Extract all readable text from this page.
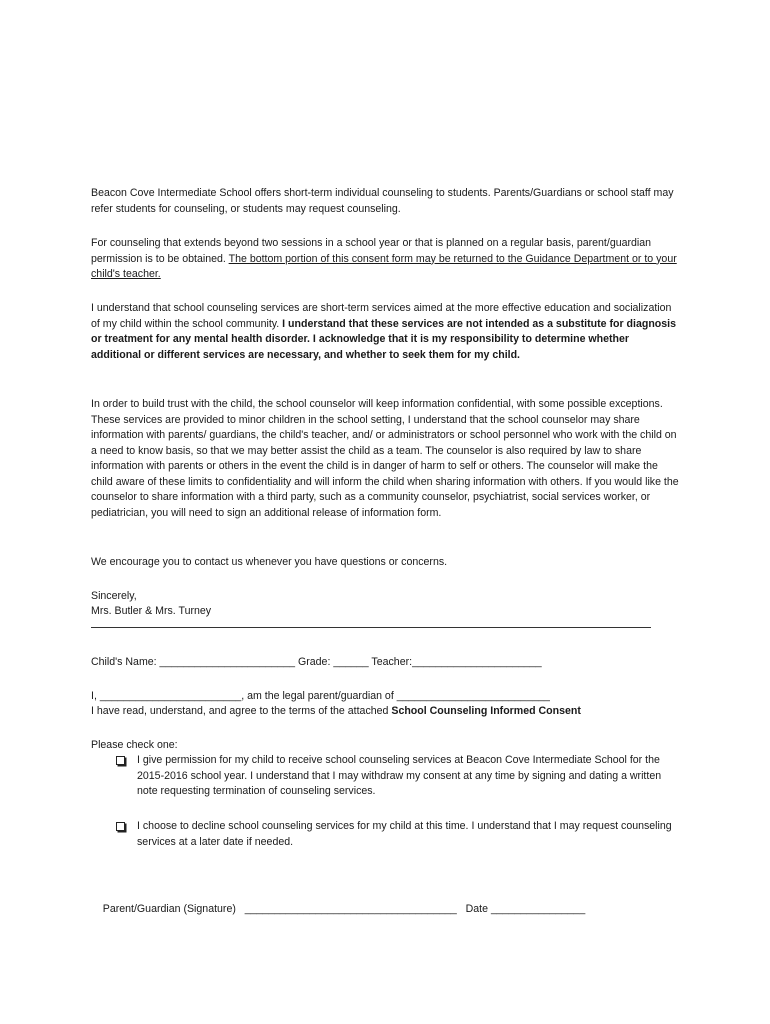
Beacon Cove Intermediate School offers short-term individual counseling to students. Parents/Guardians or school staff may refer students for counseling, or students may request counseling.

For counseling that extends beyond two sessions in a school year or that is planned on a regular basis, parent/guardian permission is to be obtained. The bottom portion of this consent form may be returned to the Guidance Department or to your child's teacher.

I understand that school counseling services are short-term services aimed at the more effective education and socialization of my child within the school community. I understand that these services are not intended as a substitute for diagnosis or treatment for any mental health disorder. I acknowledge that it is my responsibility to determine whether additional or different services are necessary, and whether to seek them for my child.

In order to build trust with the child, the school counselor will keep information confidential, with some possible exceptions. These services are provided to minor children in the school setting, I understand that the school counselor may share information with parents/ guardians, the child's teacher, and/ or administrators or school personnel who work with the child on a need to know basis, so that we may better assist the child as a team. The counselor is also required by law to share information with parents or others in the event the child is in danger of harm to self or others. The counselor will make the child aware of these limits to confidentiality and will inform the child when sharing information with others. If you would like the counselor to share information with a third party, such as a community counselor, psychiatrist, social services worker, or pediatrician, you will need to sign an additional release of information form.

We encourage you to contact us whenever you have questions or concerns.

Sincerely,

Mrs. Butler & Mrs. Turney

Child's Name: _______________________ Grade: ______ Teacher:______________________

I, ________________________, am the legal parent/guardian of __________________________

I have read, understand, and agree to the terms of the attached School Counseling Informed Consent

Please check one:

I give permission for my child to receive school counseling services at Beacon Cove Intermediate School for the 2015-2016 school year. I understand that I may withdraw my consent at any time by signing and dating a written note requesting termination of counseling services.
I choose to decline school counseling services for my child at this time. I understand that I may request counseling services at a later date if needed.

Parent/Guardian (Signature)   ____________________________________   Date ________________
